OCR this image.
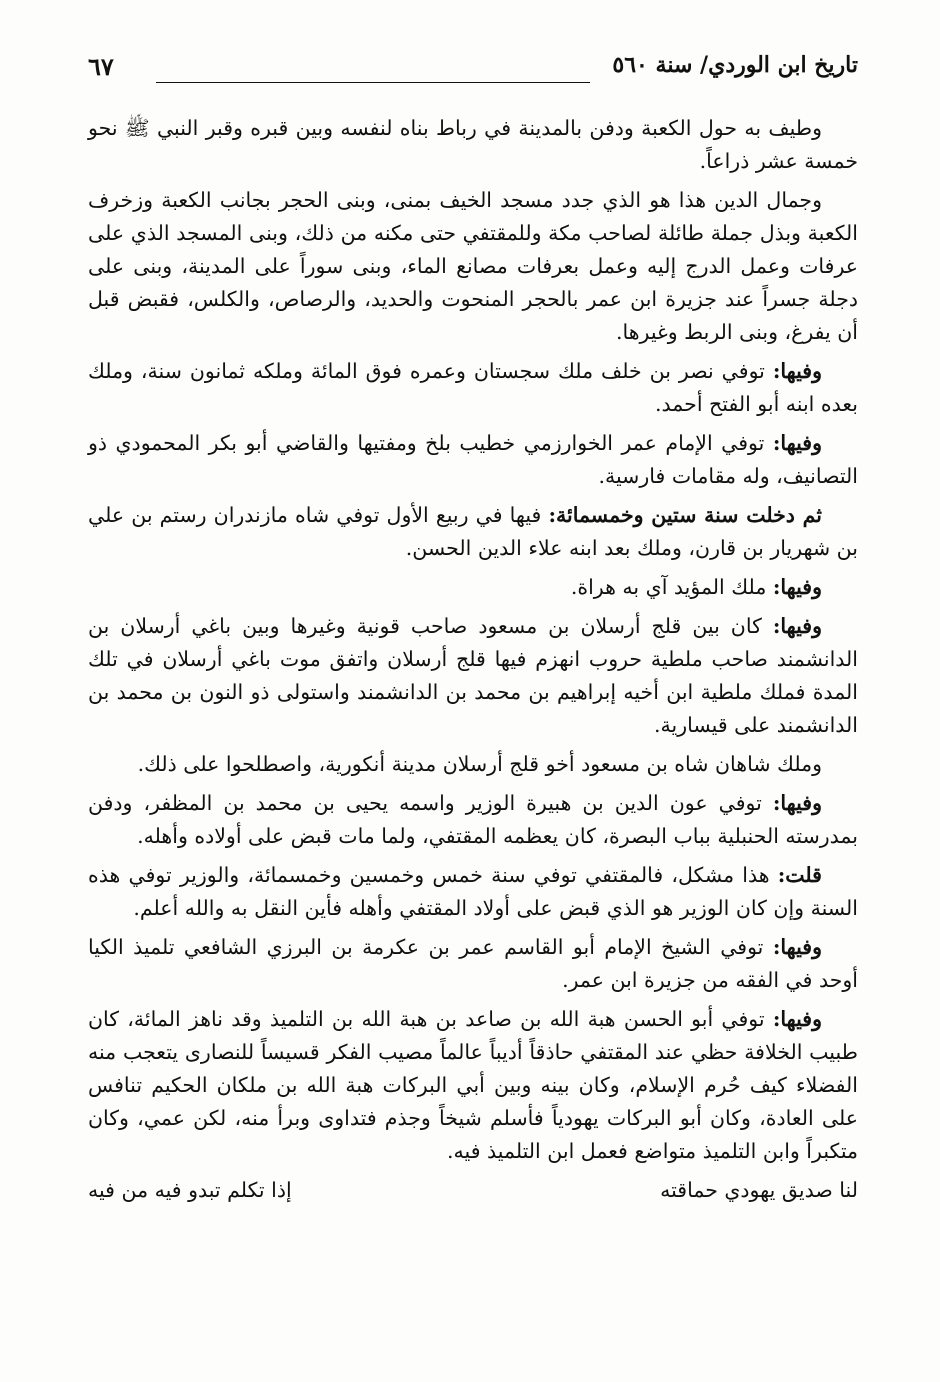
تاريخ ابن الوردي/ سنة ٥٦٠
٦٧

وطيف به حول الكعبة ودفن بالمدينة في رباط بناه لنفسه وبين قبره وقبر النبي ﷺ نحو خمسة عشر ذراعاً.

وجمال الدين هذا هو الذي جدد مسجد الخيف بمنى، وبنى الحجر بجانب الكعبة وزخرف الكعبة وبذل جملة طائلة لصاحب مكة وللمقتفي حتى مكنه من ذلك، وبنى المسجد الذي على عرفات وعمل الدرج إليه وعمل بعرفات مصانع الماء، وبنى سوراً على المدينة، وبنى على دجلة جسراً عند جزيرة ابن عمر بالحجر المنحوت والحديد، والرصاص، والكلس، فقبض قبل أن يفرغ، وبنى الربط وغيرها.

وفيها: توفي نصر بن خلف ملك سجستان وعمره فوق المائة وملكه ثمانون سنة، وملك بعده ابنه أبو الفتح أحمد.

وفيها: توفي الإمام عمر الخوارزمي خطيب بلخ ومفتيها والقاضي أبو بكر المحمودي ذو التصانيف، وله مقامات فارسية.

ثم دخلت سنة ستين وخمسمائة: فيها في ربيع الأول توفي شاه مازندران رستم بن علي بن شهريار بن قارن، وملك بعد ابنه علاء الدين الحسن.

وفيها: ملك المؤيد آي به هراة.

وفيها: كان بين قلج أرسلان بن مسعود صاحب قونية وغيرها وبين باغي أرسلان بن الدانشمند صاحب ملطية حروب انهزم فيها قلج أرسلان واتفق موت باغي أرسلان في تلك المدة فملك ملطية ابن أخيه إبراهيم بن محمد بن الدانشمند واستولى ذو النون بن محمد بن الدانشمند على قيسارية.

وملك شاهان شاه بن مسعود أخو قلج أرسلان مدينة أنكورية، واصطلحوا على ذلك.

وفيها: توفي عون الدين بن هبيرة الوزير واسمه يحيى بن محمد بن المظفر، ودفن بمدرسته الحنبلية بباب البصرة، كان يعظمه المقتفي، ولما مات قبض على أولاده وأهله.

قلت: هذا مشكل، فالمقتفي توفي سنة خمس وخمسين وخمسمائة، والوزير توفي هذه السنة وإن كان الوزير هو الذي قبض على أولاد المقتفي وأهله فأين النقل به والله أعلم.

وفيها: توفي الشيخ الإمام أبو القاسم عمر بن عكرمة بن البرزي الشافعي تلميذ الكيا أوحد في الفقه من جزيرة ابن عمر.

وفيها: توفي أبو الحسن هبة الله بن صاعد بن هبة الله بن التلميذ وقد ناهز المائة، كان طبيب الخلافة حظي عند المقتفي حاذقاً أديباً عالماً مصيب الفكر قسيساً للنصارى يتعجب منه الفضلاء كيف حُرم الإسلام، وكان بينه وبين أبي البركات هبة الله بن ملكان الحكيم تنافس على العادة، وكان أبو البركات يهودياً فأسلم شيخاً وجذم فتداوى وبرأ منه، لكن عمي، وكان متكبراً وابن التلميذ متواضع فعمل ابن التلميذ فيه.

لنا صديق يهودي حماقته
إذا تكلم تبدو فيه من فيه
